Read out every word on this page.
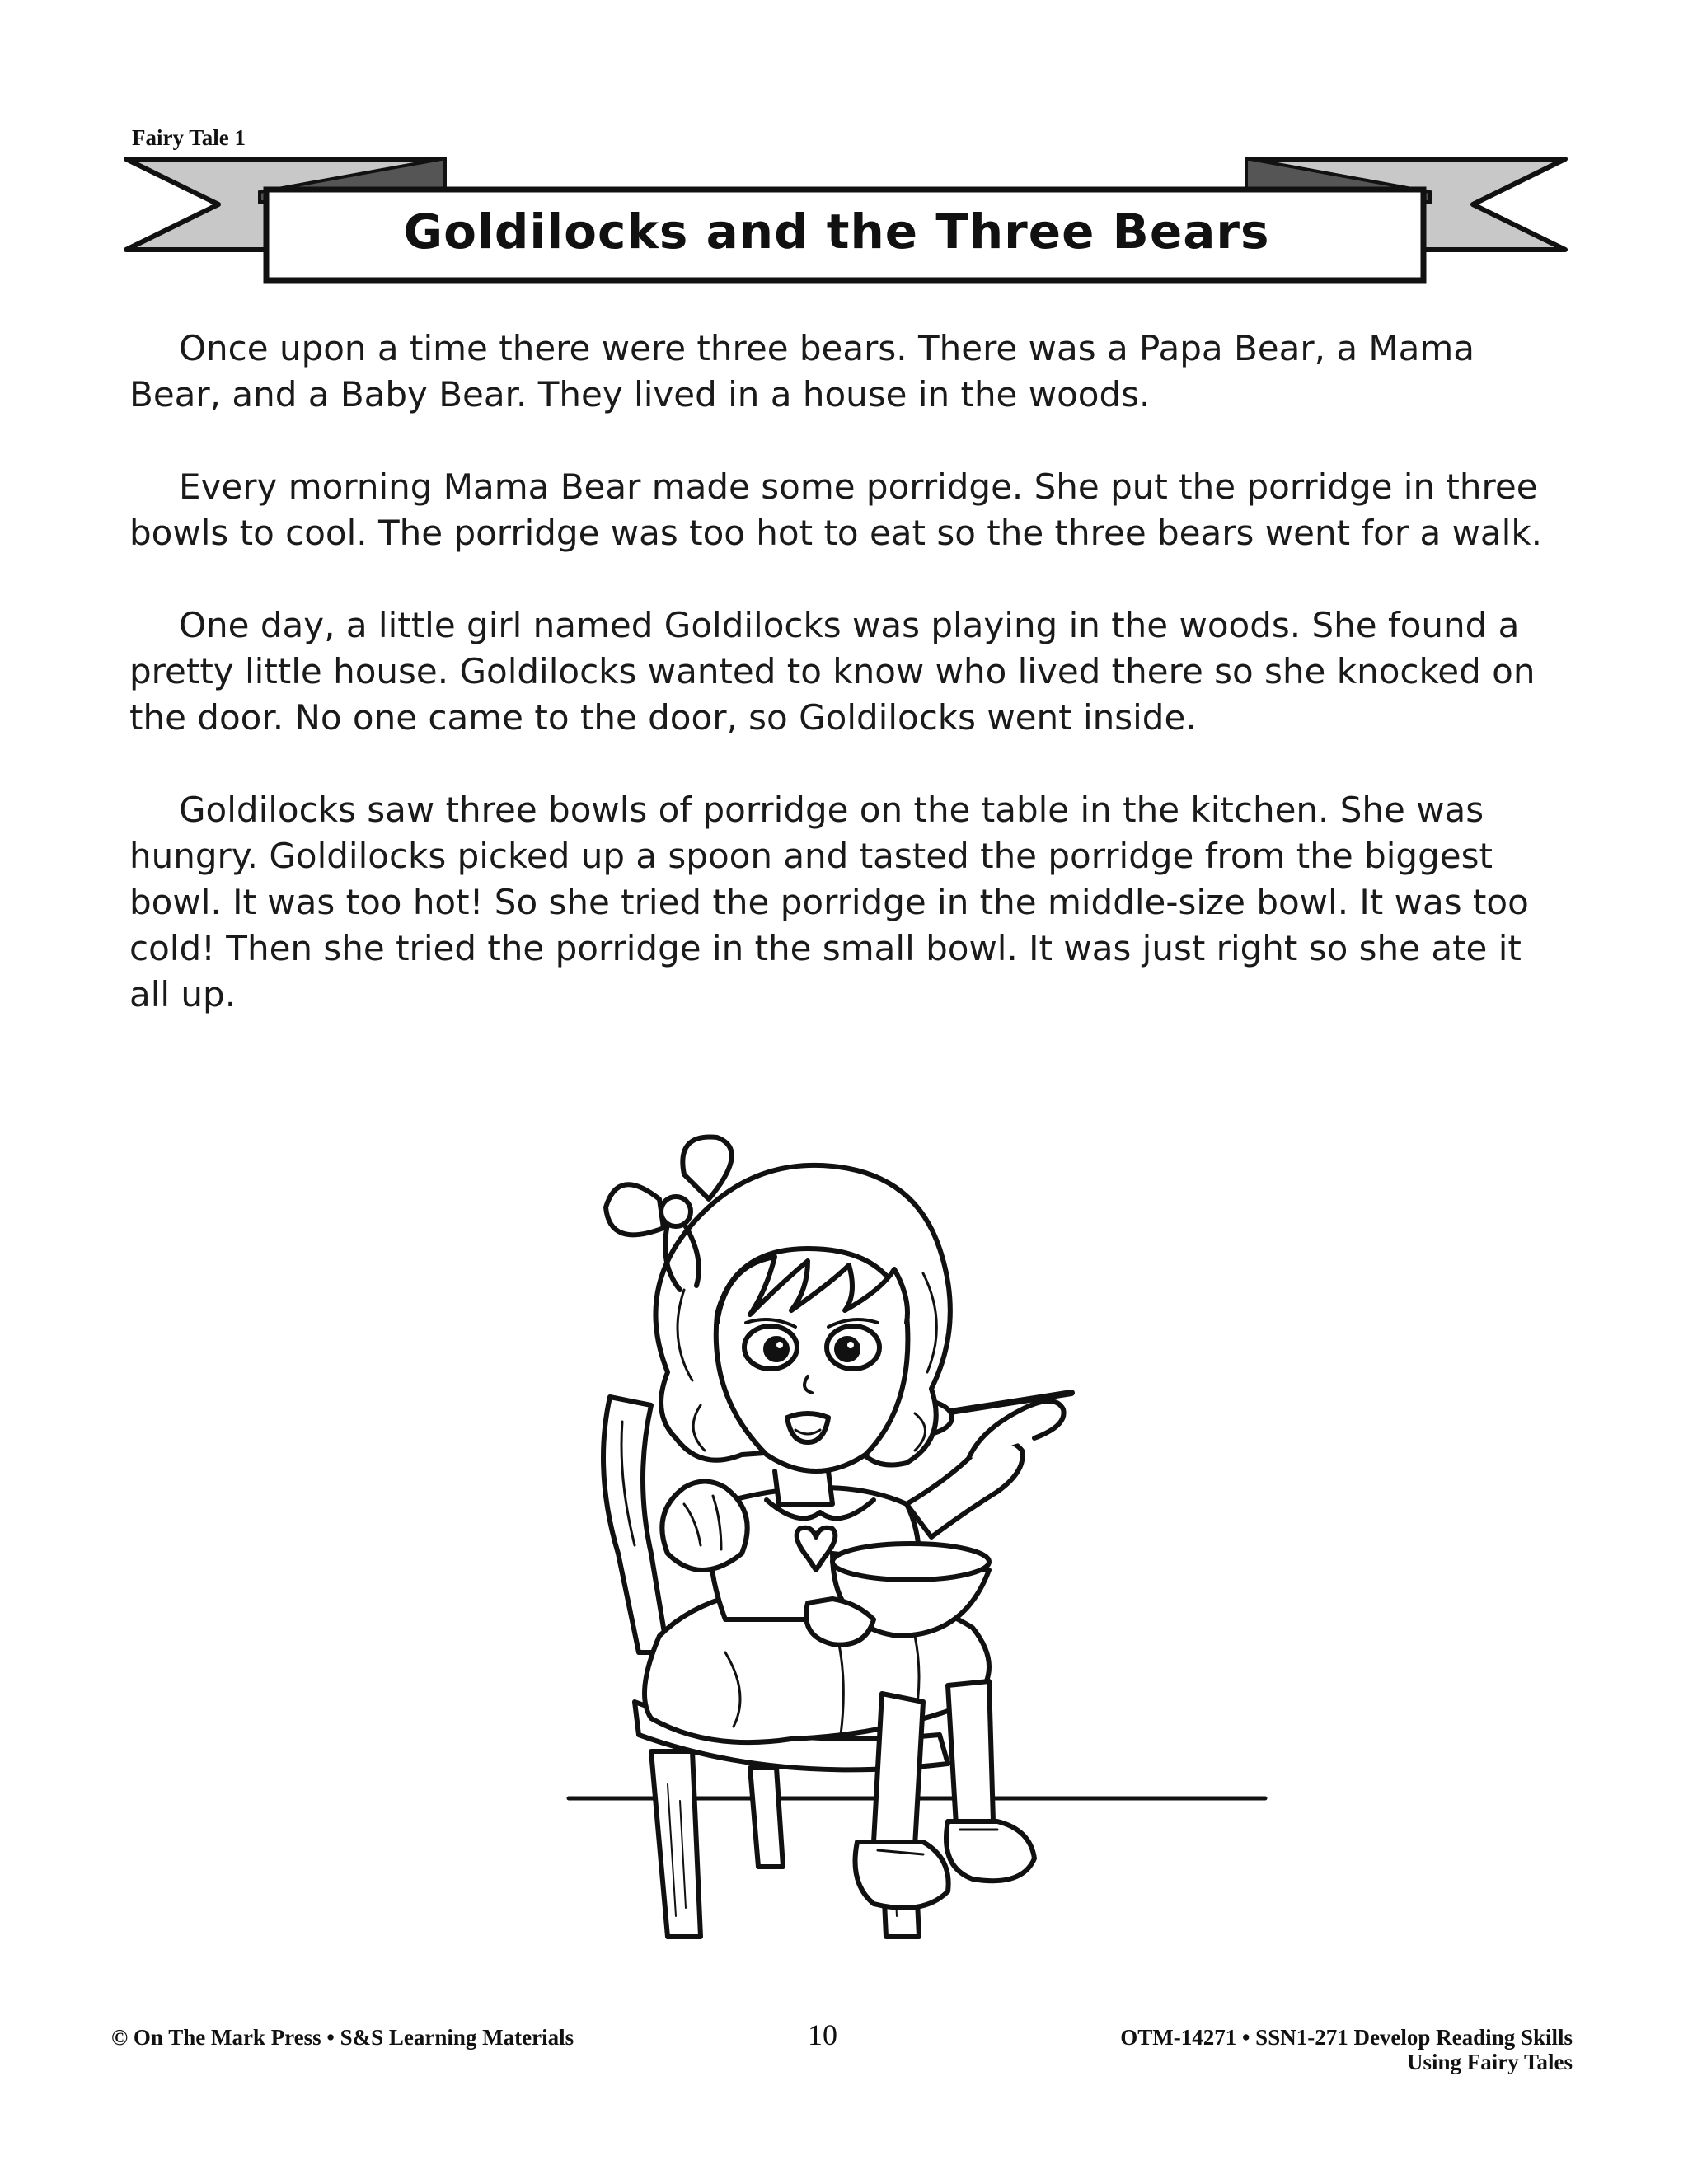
Fairy Tale 1
Goldilocks and the Three Bears

Once upon a time there were three bears. There was a Papa Bear, a Mama Bear, and a Baby Bear. They lived in a house in the woods.

Every morning Mama Bear made some porridge. She put the porridge in three bowls to cool. The porridge was too hot to eat so the three bears went for a walk.

One day, a little girl named Goldilocks was playing in the woods. She found a pretty little house. Goldilocks wanted to know who lived there so she knocked on the door. No one came to the door, so Goldilocks went inside.

Goldilocks saw three bowls of porridge on the table in the kitchen. She was hungry. Goldilocks picked up a spoon and tasted the porridge from the biggest bowl. It was too hot! So she tried the porridge in the middle-size bowl. It was too cold! Then she tried the porridge in the small bowl. It was just right so she ate it all up.

© On The Mark Press • S&S Learning Materials	10	OTM-14271 • SSN1-271 Develop Reading Skills
Using Fairy Tales
